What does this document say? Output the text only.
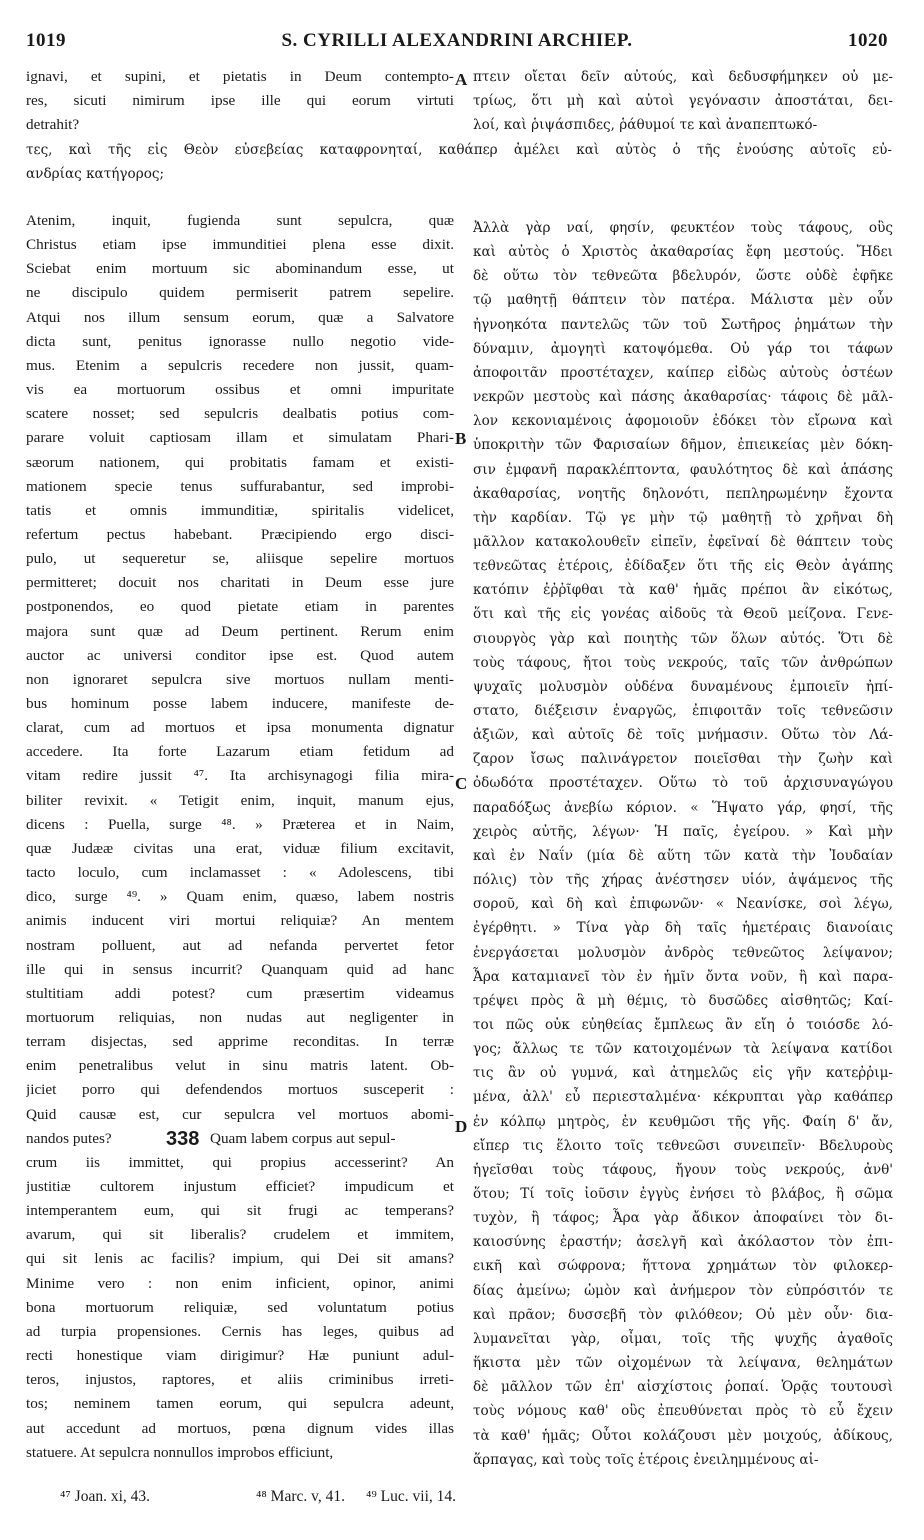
1019	S. CYRILLI ALEXANDRINI ARCHIEP.	1020
ignavi, et supini, et pietatis in Deum contempto-
res, sicuti nimirum ipse ille qui eorum virtuti
detrahit?
Atenim, inquit, fugienda sunt sepulcra, quæ
Christus etiam ipse immunditiei plena esse dixit.
Sciebat enim mortuum sic abominandum esse, ut
ne discipulo quidem permiserit patrem sepelire.
Atqui nos illum sensum eorum, quæ a Salvatore
dicta sunt, penitus ignorasse nullo negotio vide-
mus. Etenim a sepulcris recedere non jussit, quam-
vis ea mortuorum ossibus et omni impuritate
scatere nosset; sed sepulcris dealbatis potius com-
parare voluit captiosam illam et simulatam Phari-
sæorum nationem, qui probitatis famam et existi-
mationem specie tenus suffurabantur, sed improbi-
tatis et omnis immunditiæ, spiritalis videlicet,
refertum pectus habebant. Præcipiendo ergo disci-
pulo, ut sequeretur se, aliisque sepelire mortuos
permitteret; docuit nos charitati in Deum esse jure
postponendos, eo quod pietate etiam in parentes
majora sunt quæ ad Deum pertinent. Rerum enim
auctor ac universi conditor ipse est. Quod autem
non ignoraret sepulcra sive mortuos nullam menti-
bus hominum posse labem inducere, manifeste de-
clarat, cum ad mortuos et ipsa monumenta dignatur
accedere. Ita forte Lazarum etiam fetidum ad
vitam redire jussit ⁴⁷. Ita archisynagogi filia mira-
biliter revixit. « Tetigit enim, inquit, manum ejus,
dicens : Puella, surge ⁴⁸. » Præterea et in Naim,
quæ Judææ civitas una erat, viduæ filium excitavit,
tacto loculo, cum inclamasset : « Adolescens, tibi
dico, surge ⁴⁹. » Quam enim, quæso, labem nostris
animis inducent viri mortui reliquiæ? An mentem
nostram polluent, aut ad nefanda pervertet fetor
ille qui in sensus incurrit? Quanquam quid ad hanc
stultitiam addi potest? cum præsertim videamus
mortuorum reliquias, non nudas aut negligenter in
terram disjectas, sed apprime reconditas. In terræ
enim penetralibus velut in sinu matris latent. Ob-
jiciet porro qui defendendos mortuos susceperit :
Quid causæ est, cur sepulcra vel mortuos abomi-
nandos putes?	338 Quam labem corpus aut sepul-
crum iis immittet, qui propius accesserint? An
justitiæ cultorem injustum efficiet? impudicum et
intemperantem eum, qui sit frugi ac temperans?
avarum, qui sit liberalis? crudelem et immitem,
qui sit lenis ac facilis? impium, qui Dei sit amans?
Minime vero : non enim inficient, opinor, animi
bona mortuorum reliquiæ, sed voluntatum potius
ad turpia propensiones. Cernis has leges, quibus ad
recti honestique viam dirigimur? Hæ puniunt adul-
teros, injustos, raptores, et aliis criminibus irreti-
tos; neminem tamen eorum, qui sepulcra adeunt,
aut accedunt ad mortuos, pœna dignum vides illas
statuere. At sepulcra nonnullos improbos efficiunt,
πτειν οἴεται δεῖν αὐτούς, καὶ δεδυσφήμηκεν οὐ με-
τρίως, ὅτι μὴ καὶ αὐτοὶ γεγόνασιν ἀποστάται, δει-
λοί, καὶ ῥιψάσπιδες, ῥάθυμοί τε καὶ ἀναπεπτωκό-
Ἀλλὰ γὰρ ναί, φησίν, φευκτέον τοὺς τάφους, οὓς
καὶ αὐτὸς ὁ Χριστὸς ἀκαθαρσίας ἔφη μεστούς. Ἤδει
δὲ οὕτω τὸν τεθνεῶτα βδελυρόν, ὥστε οὐδὲ ἐφῆκε
τῷ μαθητῇ θάπτειν τὸν πατέρα. Μάλιστα μὲν οὖν
ἠγνοηκότα παντελῶς τῶν τοῦ Σωτῆρος ῥημάτων τὴν
δύναμιν, ἀμογητὶ κατοψόμεθα. Οὐ γάρ τοι τάφων
ἀποφοιτᾶν προστέταχεν, καίπερ εἰδὼς αὐτοὺς ὀστέων
νεκρῶν μεστοὺς καὶ πάσης ἀκαθαρσίας· τάφοις δὲ μᾶλ-
λον κεκονιαμένοις ἀφομοιοῦν ἐδόκει τὸν εἴρωνα καὶ
ὑποκριτὴν τῶν Φαρισαίων δῆμον, ἐπιεικείας μὲν δόκη-
σιν ἐμφανῆ παρακλέπτοντα, φαυλότητος δὲ καὶ ἁπάσης
ἀκαθαρσίας, νοητῆς δηλονότι, πεπληρωμένην ἔχοντα
τὴν καρδίαν. Τῷ γε μὴν τῷ μαθητῇ τὸ χρῆναι δὴ
μᾶλλον κατακολουθεῖν εἰπεῖν, ἐφεῖναί δὲ θάπτειν τοὺς
τεθνεῶτας ἑτέροις, ἐδίδαξεν ὅτι τῆς εἰς Θεὸν ἀγάπης
κατόπιν ἐῤῥῖφθαι τὰ καθ' ἡμᾶς πρέποι ἂν εἰκότως,
ὅτι καὶ τῆς εἰς γονέας αἰδοῦς τὰ Θεοῦ μείζονα. Γενε-
σιουργὸς γὰρ καὶ ποιητὴς τῶν ὅλων αὐτός. Ὅτι δὲ
τοὺς τάφους, ἤτοι τοὺς νεκρούς, ταῖς τῶν ἀνθρώπων
ψυχαῖς μολυσμὸν οὐδένα δυναμένους ἐμποιεῖν ἠπί-
στατο, διέξεισιν ἐναργῶς, ἐπιφοιτᾶν τοῖς τεθνεῶσιν
ἀξιῶν, καὶ αὐτοῖς δὲ τοῖς μνήμασιν. Οὕτω τὸν Λά-
ζαρον ἴσως παλινάγρετον ποιεῖσθαι τὴν ζωὴν καὶ
ὀδωδότα προστέταχεν. Οὕτω τὸ τοῦ ἀρχισυναγώγου
παραδόξως ἀνεβίω κόριον. « Ἥψατο γάρ, φησί, τῆς
χειρὸς αὐτῆς, λέγων· Ἡ παῖς, ἐγείρου. » Καὶ μὴν
καὶ ἐν Ναΐν (μία δὲ αὕτη τῶν κατὰ τὴν Ἰουδαίαν
πόλις) τὸν τῆς χήρας ἀνέστησεν υἱόν, ἁψάμενος τῆς
σοροῦ, καὶ δὴ καὶ ἐπιφωνῶν· « Νεανίσκε, σοὶ λέγω,
ἐγέρθητι. » Τίνα γὰρ δὴ ταῖς ἡμετέραις διανοίαις
ἐνεργάσεται μολυσμὸν ἀνδρὸς τεθνεῶτος λείψανον;
Ἆρα καταμιανεῖ τὸν ἐν ἡμῖν ὄντα νοῦν, ἢ καὶ παρα-
τρέψει πρὸς ἃ μὴ θέμις, τὸ δυσῶδες αἰσθητῶς; Καί-
τοι πῶς οὐκ εὐηθείας ἔμπλεως ἂν εἴη ὁ τοιόσδε λό-
γος; ἄλλως τε τῶν κατοιχομένων τὰ λείψανα κατίδοι
τις ἂν οὐ γυμνά, καὶ ἀτημελῶς εἰς γῆν κατεῤῥιμ-
μένα, ἀλλ' εὖ περιεσταλμένα· κέκρυπται γὰρ καθάπερ
ἐν κόλπῳ μητρὸς, ἐν κευθμῶσι τῆς γῆς. Φαίη δ' ἄν,
εἴπερ τις ἕλοιτο τοῖς τεθνεῶσι συνειπεῖν· Βδελυροὺς
ἡγεῖσθαι τοὺς τάφους, ἤγουν τοὺς νεκρούς, ἀνθ'
ὅτου; Τί τοῖς ἰοῦσιν ἐγγὺς ἐνήσει τὸ βλάβος, ἢ σῶμα
τυχὸν, ἢ τάφος; Ἆρα γὰρ ἄδικον ἀποφαίνει τὸν δι-
καιοσύνης ἐραστήν; ἀσελγῆ καὶ ἀκόλαστον τὸν ἐπι-
εικῆ καὶ σώφρονα; ἥττονα χρημάτων τὸν φιλοκερ-
δίας ἀμείνω; ὠμὸν καὶ ἀνήμερον τὸν εὐπρόσιτόν τε
καὶ πρᾶον; δυσσεβῆ τὸν φιλόθεον; Οὐ μὲν οὖν· δια-
λυμανεῖται γὰρ, οἶμαι, τοῖς τῆς ψυχῆς ἀγαθοῖς
ἥκιστα μὲν τῶν οἰχομένων τὰ λείψανα, θελημάτων
δὲ μᾶλλον τῶν ἐπ' αἰσχίστοις ῥοπαί. Ὁρᾷς τουτουσὶ
τοὺς νόμους καθ' οὓς ἐπευθύνεται πρὸς τὸ εὖ ἔχειν
τὰ καθ' ἡμᾶς; Οὗτοι κολάζουσι μὲν μοιχούς, ἀδίκους,
ἅρπαγας, καὶ τοὺς τοῖς ἑτέροις ἐνειλημμένους αἰ-
τες, καὶ τῆς εἰς Θεὸν εὐσεβείας καταφρονηταί, καθάπερ ἀμέλει καὶ αὐτὸς ὁ τῆς ἐνούσης αὐτοῖς εὐ-
ανδρίας κατήγορος;
A
B
C
D
⁴⁷ Joan. xi, 43.	⁴⁸ Marc. v, 41. ⁴⁹ Luc. vii, 14.
